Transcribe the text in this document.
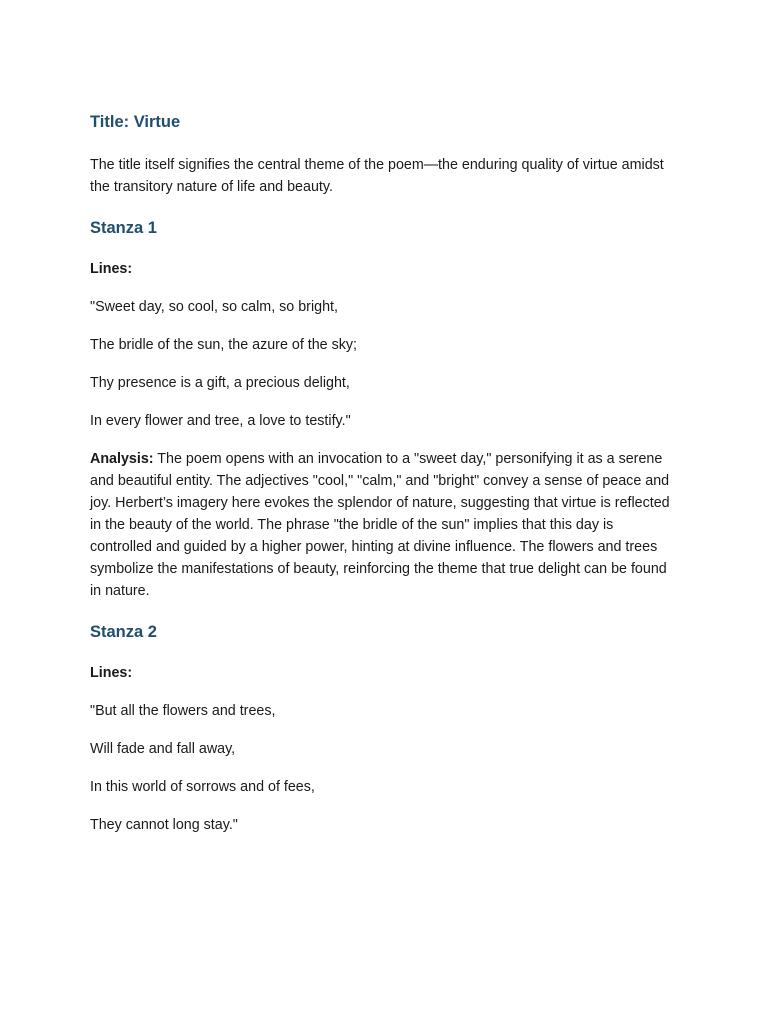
Title: Virtue

The title itself signifies the central theme of the poem—the enduring quality of virtue amidst the transitory nature of life and beauty.

Stanza 1

Lines:

"Sweet day, so cool, so calm, so bright,

The bridle of the sun, the azure of the sky;

Thy presence is a gift, a precious delight,

In every flower and tree, a love to testify."

Analysis: The poem opens with an invocation to a "sweet day," personifying it as a serene and beautiful entity. The adjectives "cool," "calm," and "bright" convey a sense of peace and joy. Herbert’s imagery here evokes the splendor of nature, suggesting that virtue is reflected in the beauty of the world. The phrase "the bridle of the sun" implies that this day is controlled and guided by a higher power, hinting at divine influence. The flowers and trees symbolize the manifestations of beauty, reinforcing the theme that true delight can be found in nature.

Stanza 2

Lines:

"But all the flowers and trees,

Will fade and fall away,

In this world of sorrows and of fees,

They cannot long stay."
